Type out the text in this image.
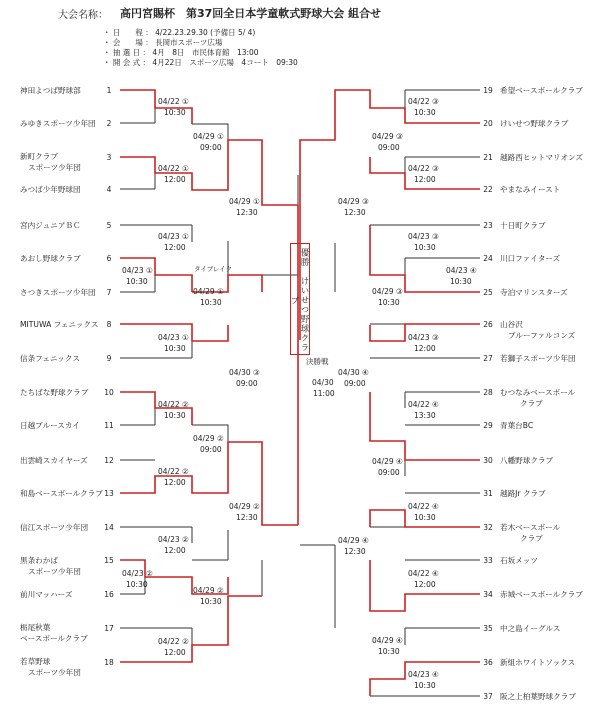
大会名称： 高円宮賜杯　第37回全日本学童軟式野球大会 組合せ
・ 日　　程 ： 4/22.23.29.30 (予備日 5/ 4)
・ 会　　場 ： 長岡市スポーツ広場
・ 抽 選 日 ： 4月　8日　市民体育館　13:00
・ 開 会 式 ： 4月22日　スポーツ広場　4コート　09:30
神田よつば野球部	1
みゆきスポーツ少年団	2
新町クラブ
スポーツ少年団
3
みつば少年野球団	4
宮内ジュニアＢＣ	5
あおし野球クラブ	6
さつきスポーツ少年団	7
MITUWA フェニックス	8
信条フェニックス	9
たちばな野球クラブ 10
日越ブルースカイ	11
出雲崎スカイヤーズ 12
和島ベースボールクラブ 13
信江スポーツ少年団 14
黒条わかば
スポーツ少年団
15
前川マッハーズ	16
栃尾秋葉
ベースボールクラブ
17
若草野球
スポーツ少年団
18
19 希望ベースボールクラブ
20 けいせつ野球クラブ
21 越路西ヒットマリオンズ
22 やまなみイースト
23 十日町クラブ
24 川口ファイターズ
25 寺泊マリンスターズ
26 山谷沢
ブルーファルコンズ
27 若獅子スポーツ少年団
28 むつなみベースボール
クラブ
29 青葉台BC
30 八幡野球クラブ
31 越路Jr クラブ
32 若木ベースボール
クラブ
33 石坂メッツ
34 赤城ベースボールクラブ
35 中之島イーグルス
36 新組ホワイトソックス
37 阪之上柏葉野球クラブ
04/22 ①
10:30
04/22 ①
12:00
04/23 ①
12:00
04/23 ①
10:30
04/23 ①
10:30
04/22 ②
10:30
04/22 ②
12:00
04/23 ②
12:00
04/23 ②
10:30
04/22 ②
12:00
04/29 ①
09:00
04/29 ①
10:30
04/29 ①
12:30
04/29 ②
09:00
04/29 ②
10:30
04/29 ②
12:30
04/30 ③
09:00
04/22 ③
10:30
04/22 ③
12:00
04/23 ③
10:30
04/23 ③
12:00
04/22 ④
13:30
04/22 ④
10:30
04/22 ④
12:00
04/23 ④
10:30
04/23 ④
10:30
04/29 ③
09:00
04/29 ③
10:30
04/29 ③
12:30
04/29 ④
09:00
04/29 ④
10:30
04/29 ④
12:30
04/30 ④
09:00
タイブレイク
決勝戦
04/30
11:00
優勝　けいせつ野球クラブ
